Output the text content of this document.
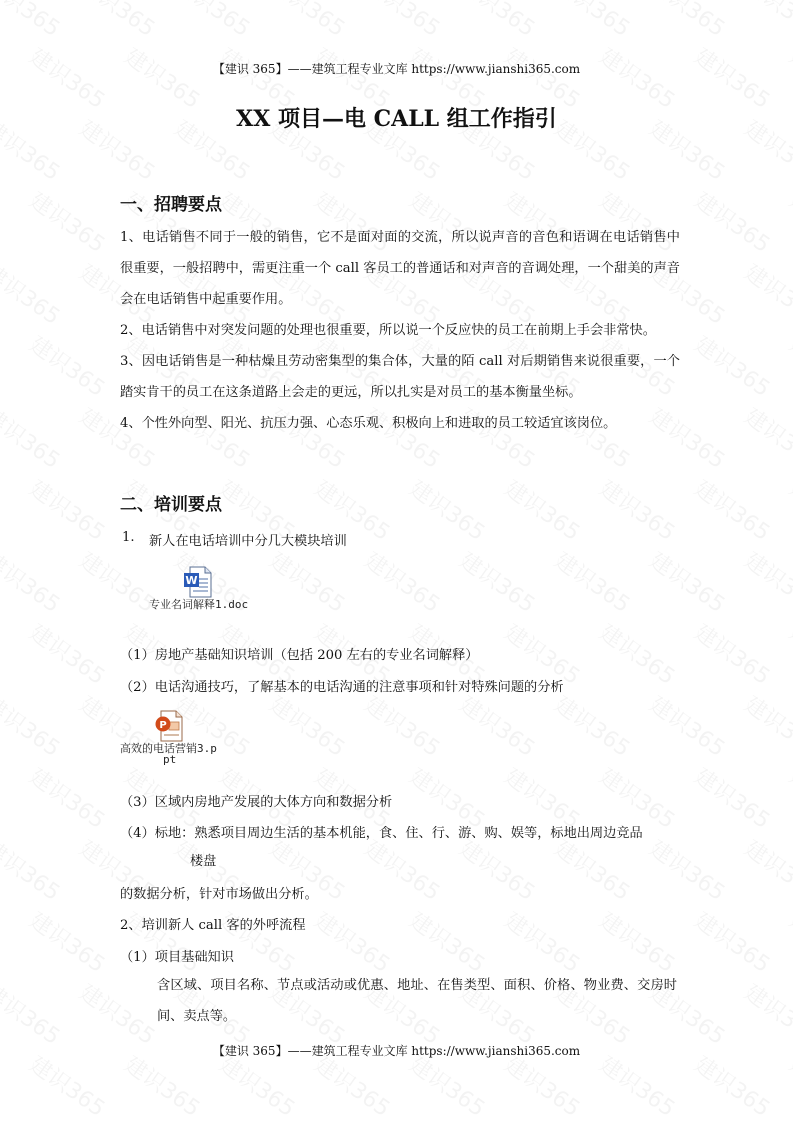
【建识 365】——建筑工程专业文库 https://www.jianshi365.com
XX 项目—电 CALL 组工作指引
一、招聘要点
1、电话销售不同于一般的销售，它不是面对面的交流，所以说声音的音色和语调在电话销售中很重要，一般招聘中，需更注重一个 call 客员工的普通话和对声音的音调处理，一个甜美的声音会在电话销售中起重要作用。
2、电话销售中对突发问题的处理也很重要，所以说一个反应快的员工在前期上手会非常快。
3、因电话销售是一种枯燥且劳动密集型的集合体，大量的陌 call 对后期销售来说很重要，一个踏实肯干的员工在这条道路上会走的更远，所以扎实是对员工的基本衡量坐标。
4、个性外向型、阳光、抗压力强、心态乐观、积极向上和进取的员工较适宜该岗位。
二、培训要点
1. 新人在电话培训中分几大模块培训
W
专业名词解释1.doc
（1）房地产基础知识培训（包括 200 左右的专业名词解释）
（2）电话沟通技巧，了解基本的电话沟通的注意事项和针对特殊问题的分析
P
高效的电话营销3.p
pt
（3）区域内房地产发展的大体方向和数据分析
（4）标地：熟悉项目周边生活的基本机能，食、住、行、游、购、娱等，标地出周边竞品
楼盘
的数据分析，针对市场做出分析。
2、培训新人 call 客的外呼流程
（1）项目基础知识
含区域、项目名称、节点或活动或优惠、地址、在售类型、面积、价格、物业费、交房时间、卖点等。
【建识 365】——建筑工程专业文库 https://www.jianshi365.com
